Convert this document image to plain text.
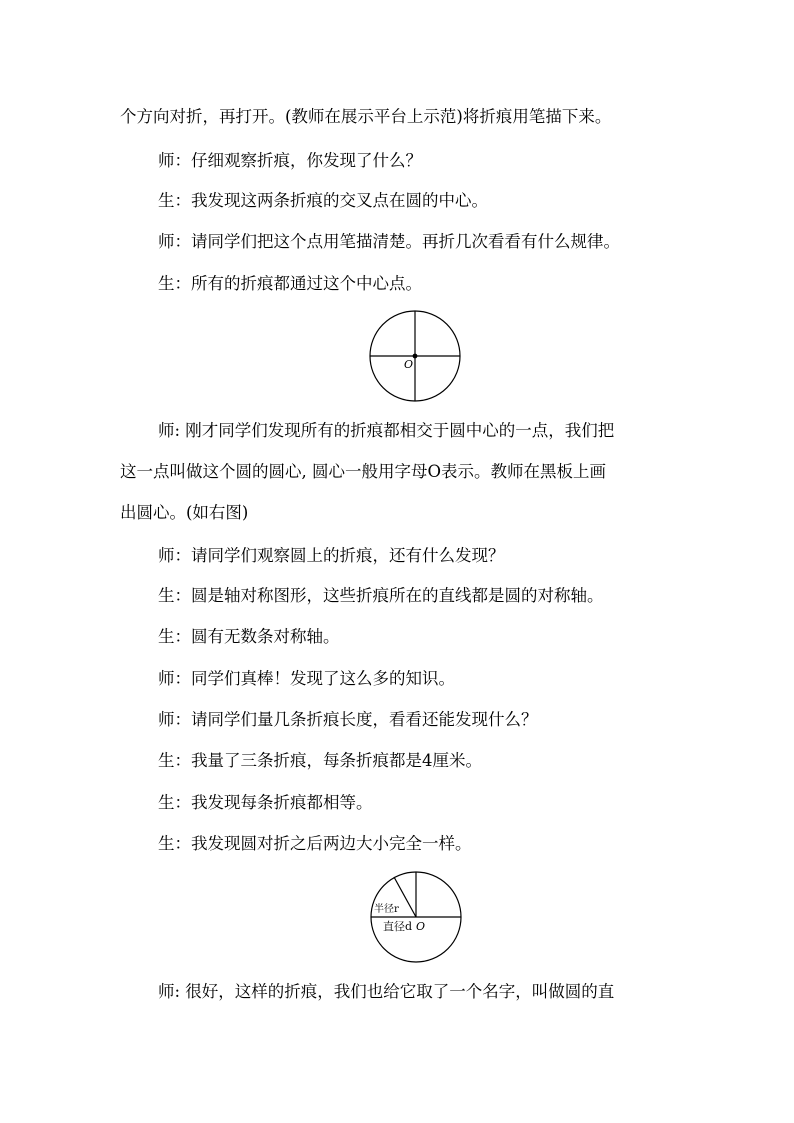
个方向对折，再打开。(教师在展示平台上示范)将折痕用笔描下来。
师：仔细观察折痕，你发现了什么？
生：我发现这两条折痕的交叉点在圆的中心。
师：请同学们把这个点用笔描清楚。再折几次看看有什么规律。
生：所有的折痕都通过这个中心点。
O
师: 刚才同学们发现所有的折痕都相交于圆中心的一点，我们把
这一点叫做这个圆的圆心, 圆心一般用字母O表示。教师在黑板上画
出圆心。(如右图)
师：请同学们观察圆上的折痕，还有什么发现？
生：圆是轴对称图形，这些折痕所在的直线都是圆的对称轴。
生：圆有无数条对称轴。
师：同学们真棒！发现了这么多的知识。
师：请同学们量几条折痕长度，看看还能发现什么？
生：我量了三条折痕，每条折痕都是4厘米。
生：我发现每条折痕都相等。
生：我发现圆对折之后两边大小完全一样。
半径r
直径d O
师: 很好，这样的折痕，我们也给它取了一个名字，叫做圆的直
